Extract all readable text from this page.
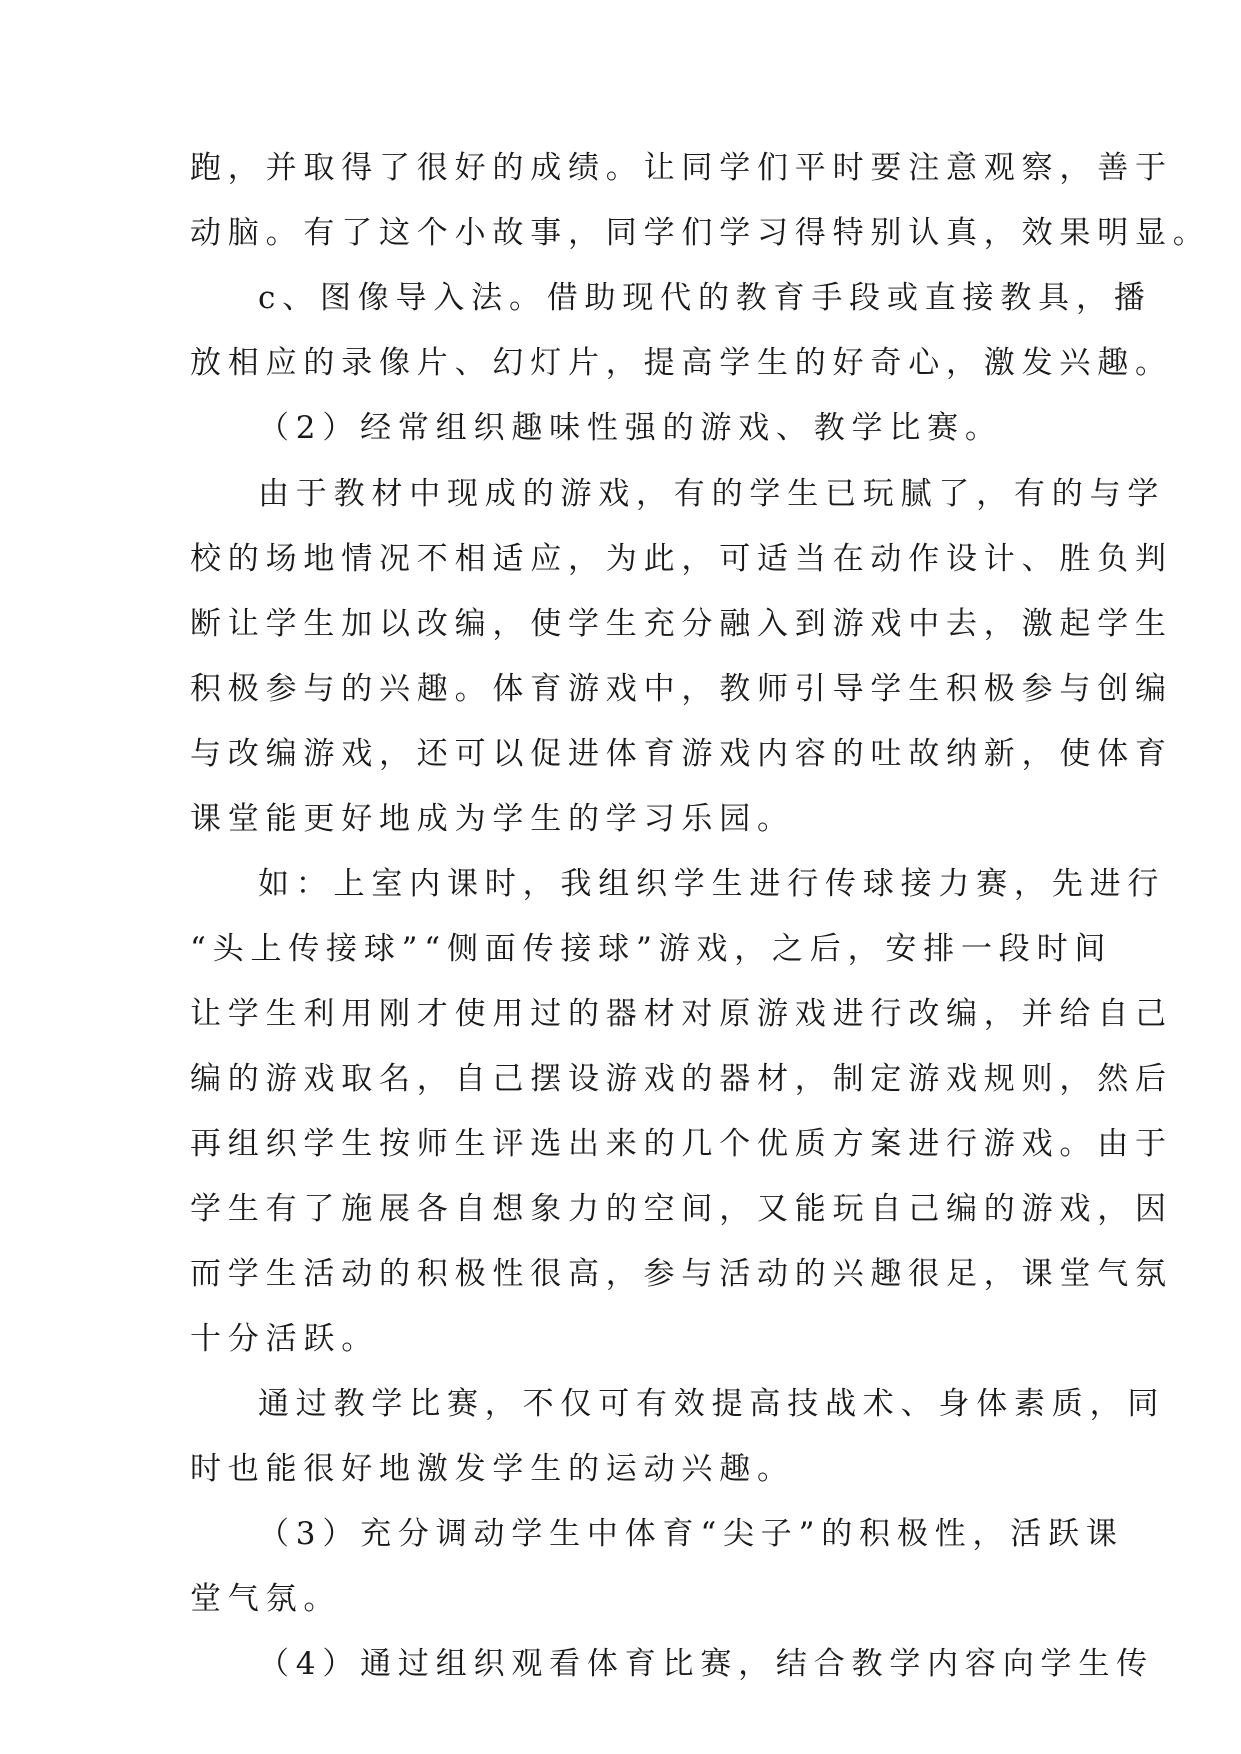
跑，并取得了很好的成绩。让同学们平时要注意观察，善于
动脑。有了这个小故事，同学们学习得特别认真，效果明显。
c、图像导入法。借助现代的教育手段或直接教具，播
放相应的录像片、幻灯片，提高学生的好奇心，激发兴趣。
（2）经常组织趣味性强的游戏、教学比赛。
由于教材中现成的游戏，有的学生已玩腻了，有的与学
校的场地情况不相适应，为此，可适当在动作设计、胜负判
断让学生加以改编，使学生充分融入到游戏中去，激起学生
积极参与的兴趣。体育游戏中，教师引导学生积极参与创编
与改编游戏，还可以促进体育游戏内容的吐故纳新，使体育
课堂能更好地成为学生的学习乐园。
如：上室内课时，我组织学生进行传球接力赛，先进行
“头上传接球”“侧面传接球”游戏，之后，安排一段时间
让学生利用刚才使用过的器材对原游戏进行改编，并给自己
编的游戏取名，自己摆设游戏的器材，制定游戏规则，然后
再组织学生按师生评选出来的几个优质方案进行游戏。由于
学生有了施展各自想象力的空间，又能玩自己编的游戏，因
而学生活动的积极性很高，参与活动的兴趣很足，课堂气氛
十分活跃。
通过教学比赛，不仅可有效提高技战术、身体素质，同
时也能很好地激发学生的运动兴趣。
（3）充分调动学生中体育“尖子”的积极性，活跃课
堂气氛。
（4）通过组织观看体育比赛，结合教学内容向学生传
